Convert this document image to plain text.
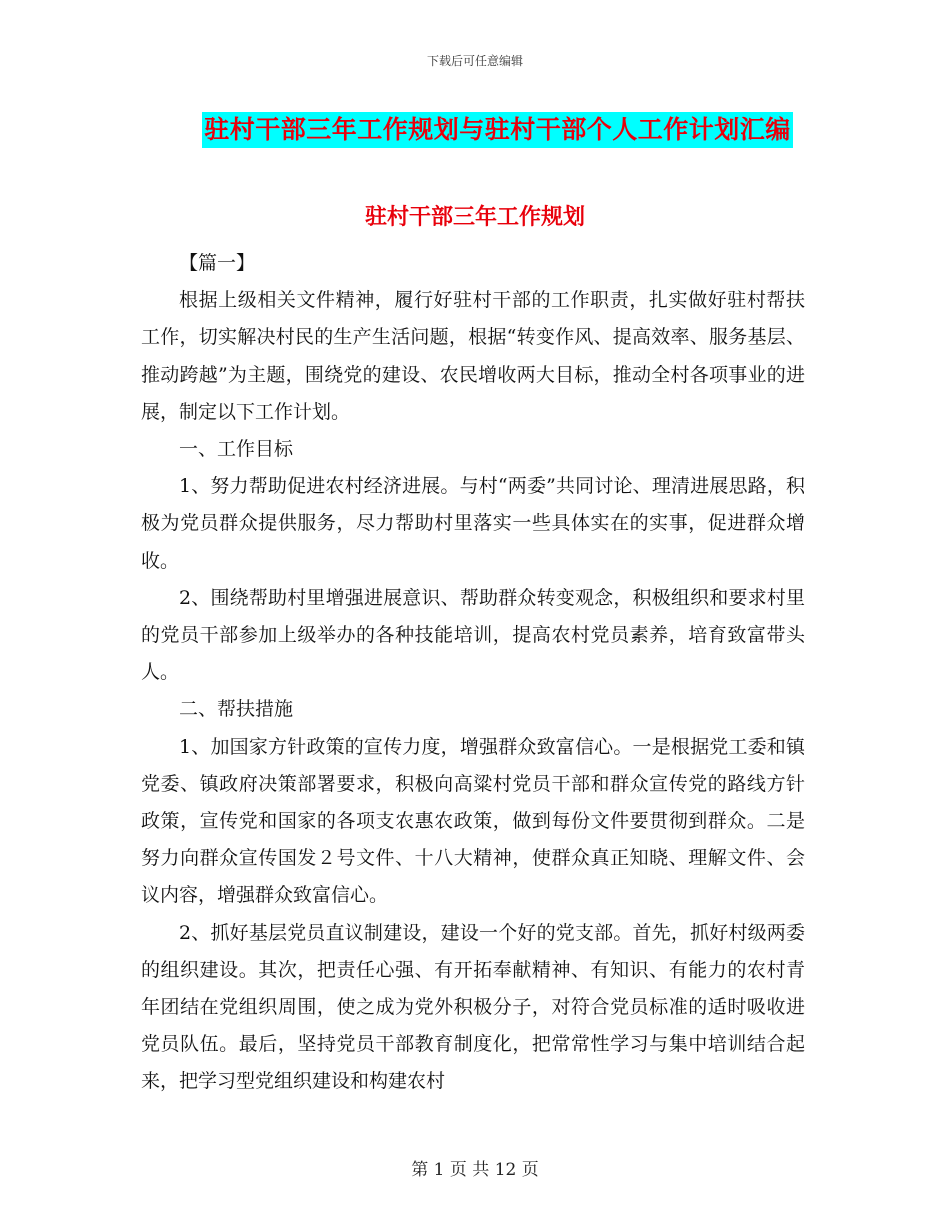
下载后可任意编辑
驻村干部三年工作规划与驻村干部个人工作计划汇编
驻村干部三年工作规划

【篇一】

根据上级相关文件精神，履行好驻村干部的工作职责，扎实做好驻村帮扶工作，切实解决村民的生产生活问题，根据“转变作风、提高效率、服务基层、推动跨越”为主题，围绕党的建设、农民增收两大目标，推动全村各项事业的进展，制定以下工作计划。

一、工作目标

1、努力帮助促进农村经济进展。与村“两委”共同讨论、理清进展思路，积极为党员群众提供服务，尽力帮助村里落实一些具体实在的实事，促进群众增收。

2、围绕帮助村里增强进展意识、帮助群众转变观念，积极组织和要求村里的党员干部参加上级举办的各种技能培训，提高农村党员素养，培育致富带头人。

二、帮扶措施

1、加国家方针政策的宣传力度，增强群众致富信心。一是根据党工委和镇党委、镇政府决策部署要求，积极向高粱村党员干部和群众宣传党的路线方针政策，宣传党和国家的各项支农惠农政策，做到每份文件要贯彻到群众。二是努力向群众宣传国发２号文件、十八大精神，使群众真正知晓、理解文件、会议内容，增强群众致富信心。

2、抓好基层党员直议制建设，建设一个好的党支部。首先，抓好村级两委的组织建设。其次，把责任心强、有开拓奉献精神、有知识、有能力的农村青年团结在党组织周围，使之成为党外积极分子，对符合党员标准的适时吸收进党员队伍。最后，坚持党员干部教育制度化，把常常性学习与集中培训结合起来，把学习型党组织建设和构建农村

第 1 页 共 12 页
